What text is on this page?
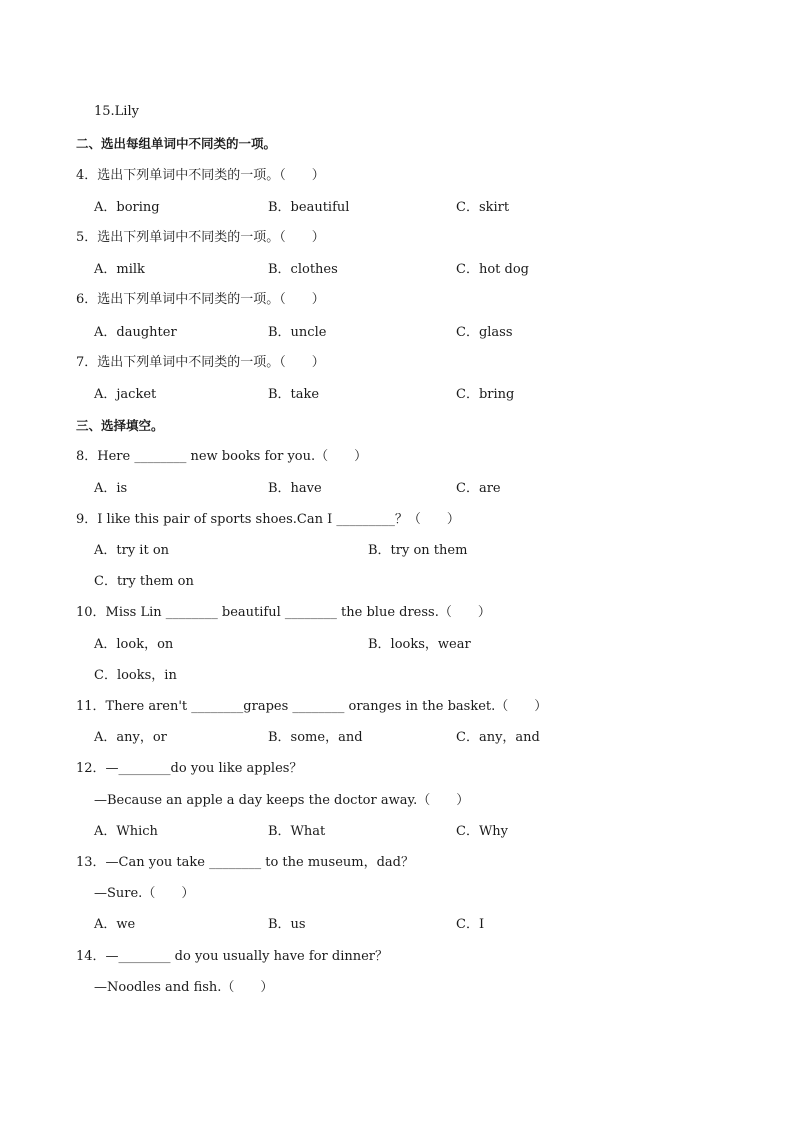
15.Lily
二、选出每组单词中不同类的一项。
4．选出下列单词中不同类的一项。（　　）
A．boring	B．beautiful	C．skirt
5．选出下列单词中不同类的一项。（　　）
A．milk	B．clothes	C．hot dog
6．选出下列单词中不同类的一项。（　　）
A．daughter	B．uncle	C．glass
7．选出下列单词中不同类的一项。（　　）
A．jacket	B．take	C．bring
三、选择填空。
8．Here ________ new books for you.（　　）
A．is	B．have	C．are
9．I like this pair of sports shoes.Can I _________？（　　）
A．try it on	B．try on them
C．try them on
10．Miss Lin ________ beautiful ________ the blue dress.（　　）
A．look，on	B．looks，wear
C．looks，in
11．There aren't ________grapes ________ oranges in the basket.（　　）
A．any，or	B．some，and	C．any，and
12．—________do you like apples？
—Because an apple a day keeps the doctor away.（　　）
A．Which	B．What	C．Why
13．—Can you take ________ to the museum，dad？
—Sure.（　　）
A．we	B．us	C．I
14．—________ do you usually have for dinner？
—Noodles and fish.（　　）
